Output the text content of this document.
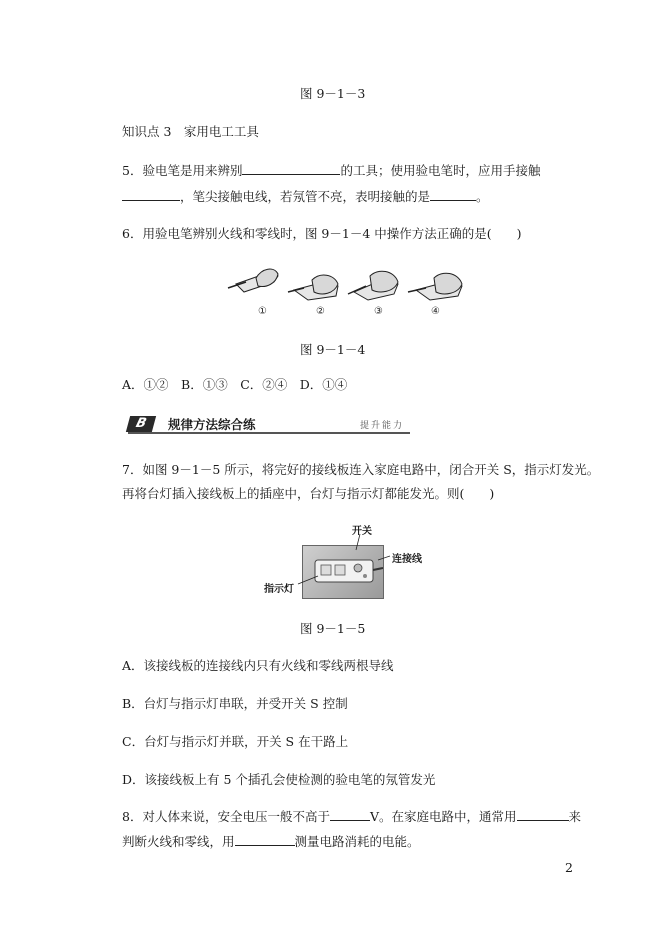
图 9－1－3
知识点 3　家用电工工具
5．验电笔是用来辨别	的工具；使用验电笔时，应用手接触
，笔尖接触电线，若氖管不亮，表明接触的是	。
6．用验电笔辨别火线和零线时，图 9－1－4 中操作方法正确的是(　　)
①	②	③	④
图 9－1－4
A．①②　B．①③　C．②④　D．①④
B	规律方法综合练	提升能力
7．如图 9－1－5 所示，将完好的接线板连入家庭电路中，闭合开关 S，指示灯发光。
再将台灯插入接线板上的插座中，台灯与指示灯都能发光。则(　　)
开关
连接线
指示灯
图 9－1－5
A．该接线板的连接线内只有火线和零线两根导线
B．台灯与指示灯串联，并受开关 S 控制
C．台灯与指示灯并联，开关 S 在干路上
D．该接线板上有 5 个插孔会使检测的验电笔的氖管发光
8．对人体来说，安全电压一般不高于	V。在家庭电路中，通常用	来
判断火线和零线，用	测量电路消耗的电能。
2
